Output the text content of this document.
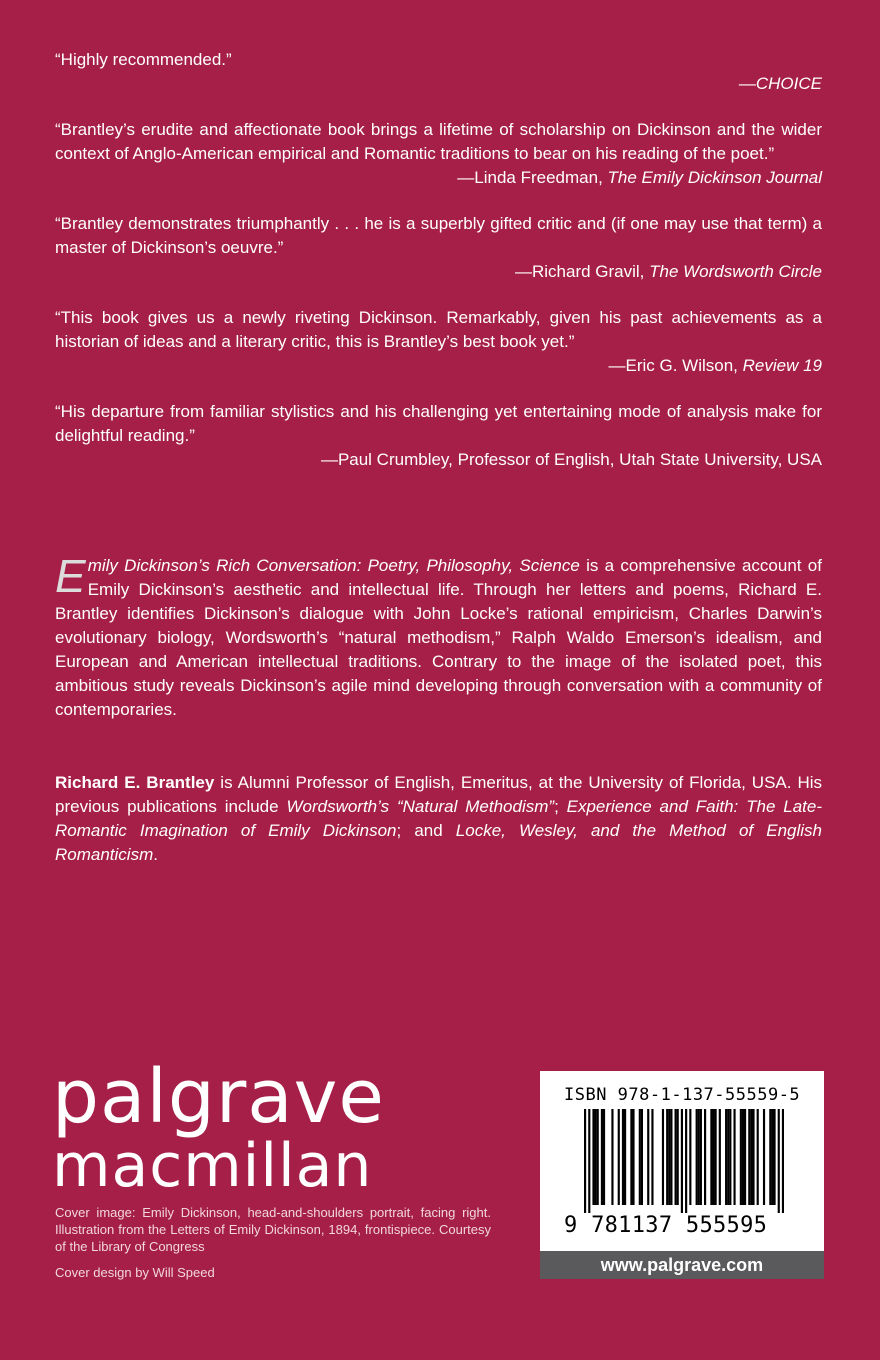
“Highly recommended.”

—CHOICE

“Brantley’s erudite and affectionate book brings a lifetime of scholarship on Dickinson and the wider context of Anglo-American empirical and Romantic traditions to bear on his reading of the poet.”

—Linda Freedman, The Emily Dickinson Journal

“Brantley demonstrates triumphantly . . . he is a superbly gifted critic and (if one may use that term) a master of Dickinson’s oeuvre.”

—Richard Gravil, The Wordsworth Circle

“This book gives us a newly riveting Dickinson. Remarkably, given his past achievements as a historian of ideas and a literary critic, this is Brantley’s best book yet.”

—Eric G. Wilson, Review 19

“His departure from familiar stylistics and his challenging yet entertaining mode of analysis make for delightful reading.”

—Paul Crumbley, Professor of English, Utah State University, USA

Emily Dickinson’s Rich Conversation: Poetry, Philosophy, Science is a comprehensive account of Emily Dickinson’s aesthetic and intellectual life. Through her letters and poems, Richard E. Brantley identifies Dickinson’s dialogue with John Locke’s rational empiricism, Charles Darwin’s evolutionary biology, Wordsworth’s “natural methodism,” Ralph Waldo Emerson’s idealism, and European and American intellectual traditions. Contrary to the image of the isolated poet, this ambitious study reveals Dickinson’s agile mind developing through conversation with a community of contemporaries.

Richard E. Brantley is Alumni Professor of English, Emeritus, at the University of Florida, USA. His previous publications include Wordsworth’s “Natural Methodism”; Experience and Faith: The Late-Romantic Imagination of Emily Dickinson; and Locke, Wesley, and the Method of English Romanticism.

palgrave
macmillan

Cover image: Emily Dickinson, head-and-shoulders portrait, facing right. Illustration from the Letters of Emily Dickinson, 1894, frontispiece. Courtesy of the Library of Congress

Cover design by Will Speed

ISBN 978-1-137-55559-5
9 781137 555595
www.palgrave.com
